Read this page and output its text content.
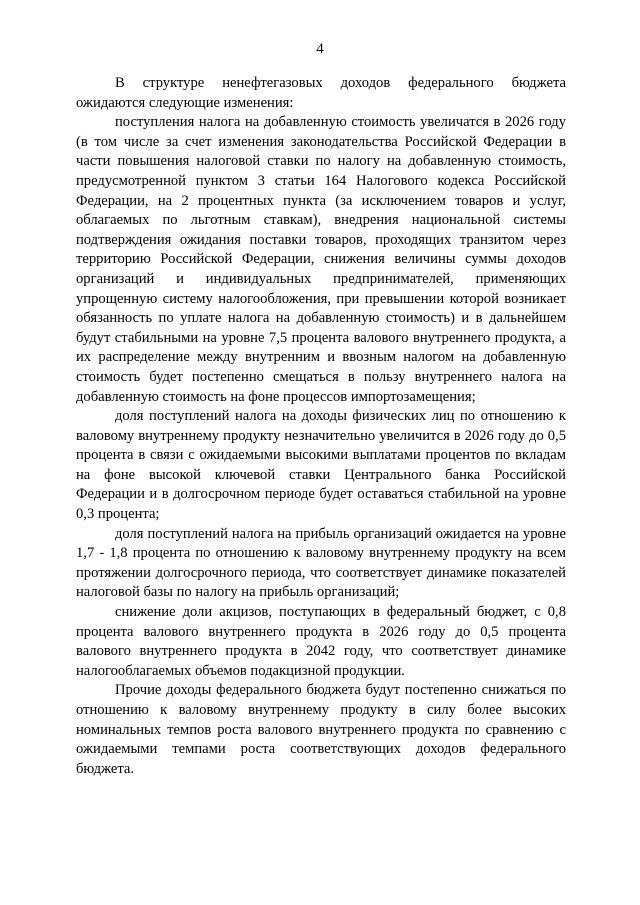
4

В структуре ненефтегазовых доходов федерального бюджета ожидаются следующие изменения:

поступления налога на добавленную стоимость увеличатся в 2026 году (в том числе за счет изменения законодательства Российской Федерации в части повышения налоговой ставки по налогу на добавленную стоимость, предусмотренной пунктом 3 статьи 164 Налогового кодекса Российской Федерации, на 2 процентных пункта (за исключением товаров и услуг, облагаемых по льготным ставкам), внедрения национальной системы подтверждения ожидания поставки товаров, проходящих транзитом через территорию Российской Федерации, снижения величины суммы доходов организаций и индивидуальных предпринимателей, применяющих упрощенную систему налогообложения, при превышении которой возникает обязанность по уплате налога на добавленную стоимость) и в дальнейшем будут стабильными на уровне 7,5 процента валового внутреннего продукта, а их распределение между внутренним и ввозным налогом на добавленную стоимость будет постепенно смещаться в пользу внутреннего налога на добавленную стоимость на фоне процессов импортозамещения;

доля поступлений налога на доходы физических лиц по отношению к валовому внутреннему продукту незначительно увеличится в 2026 году до 0,5 процента в связи с ожидаемыми высокими выплатами процентов по вкладам на фоне высокой ключевой ставки Центрального банка Российской Федерации и в долгосрочном периоде будет оставаться стабильной на уровне 0,3 процента;

доля поступлений налога на прибыль организаций ожидается на уровне 1,7 - 1,8 процента по отношению к валовому внутреннему продукту на всем протяжении долгосрочного периода, что соответствует динамике показателей налоговой базы по налогу на прибыль организаций;

снижение доли акцизов, поступающих в федеральный бюджет, с 0,8 процента валового внутреннего продукта в 2026 году до 0,5 процента валового внутреннего продукта в 2042 году, что соответствует динамике налогооблагаемых объемов подакцизной продукции.

Прочие доходы федерального бюджета будут постепенно снижаться по отношению к валовому внутреннему продукту в силу более высоких номинальных темпов роста валового внутреннего продукта по сравнению с ожидаемыми темпами роста соответствующих доходов федерального бюджета.
